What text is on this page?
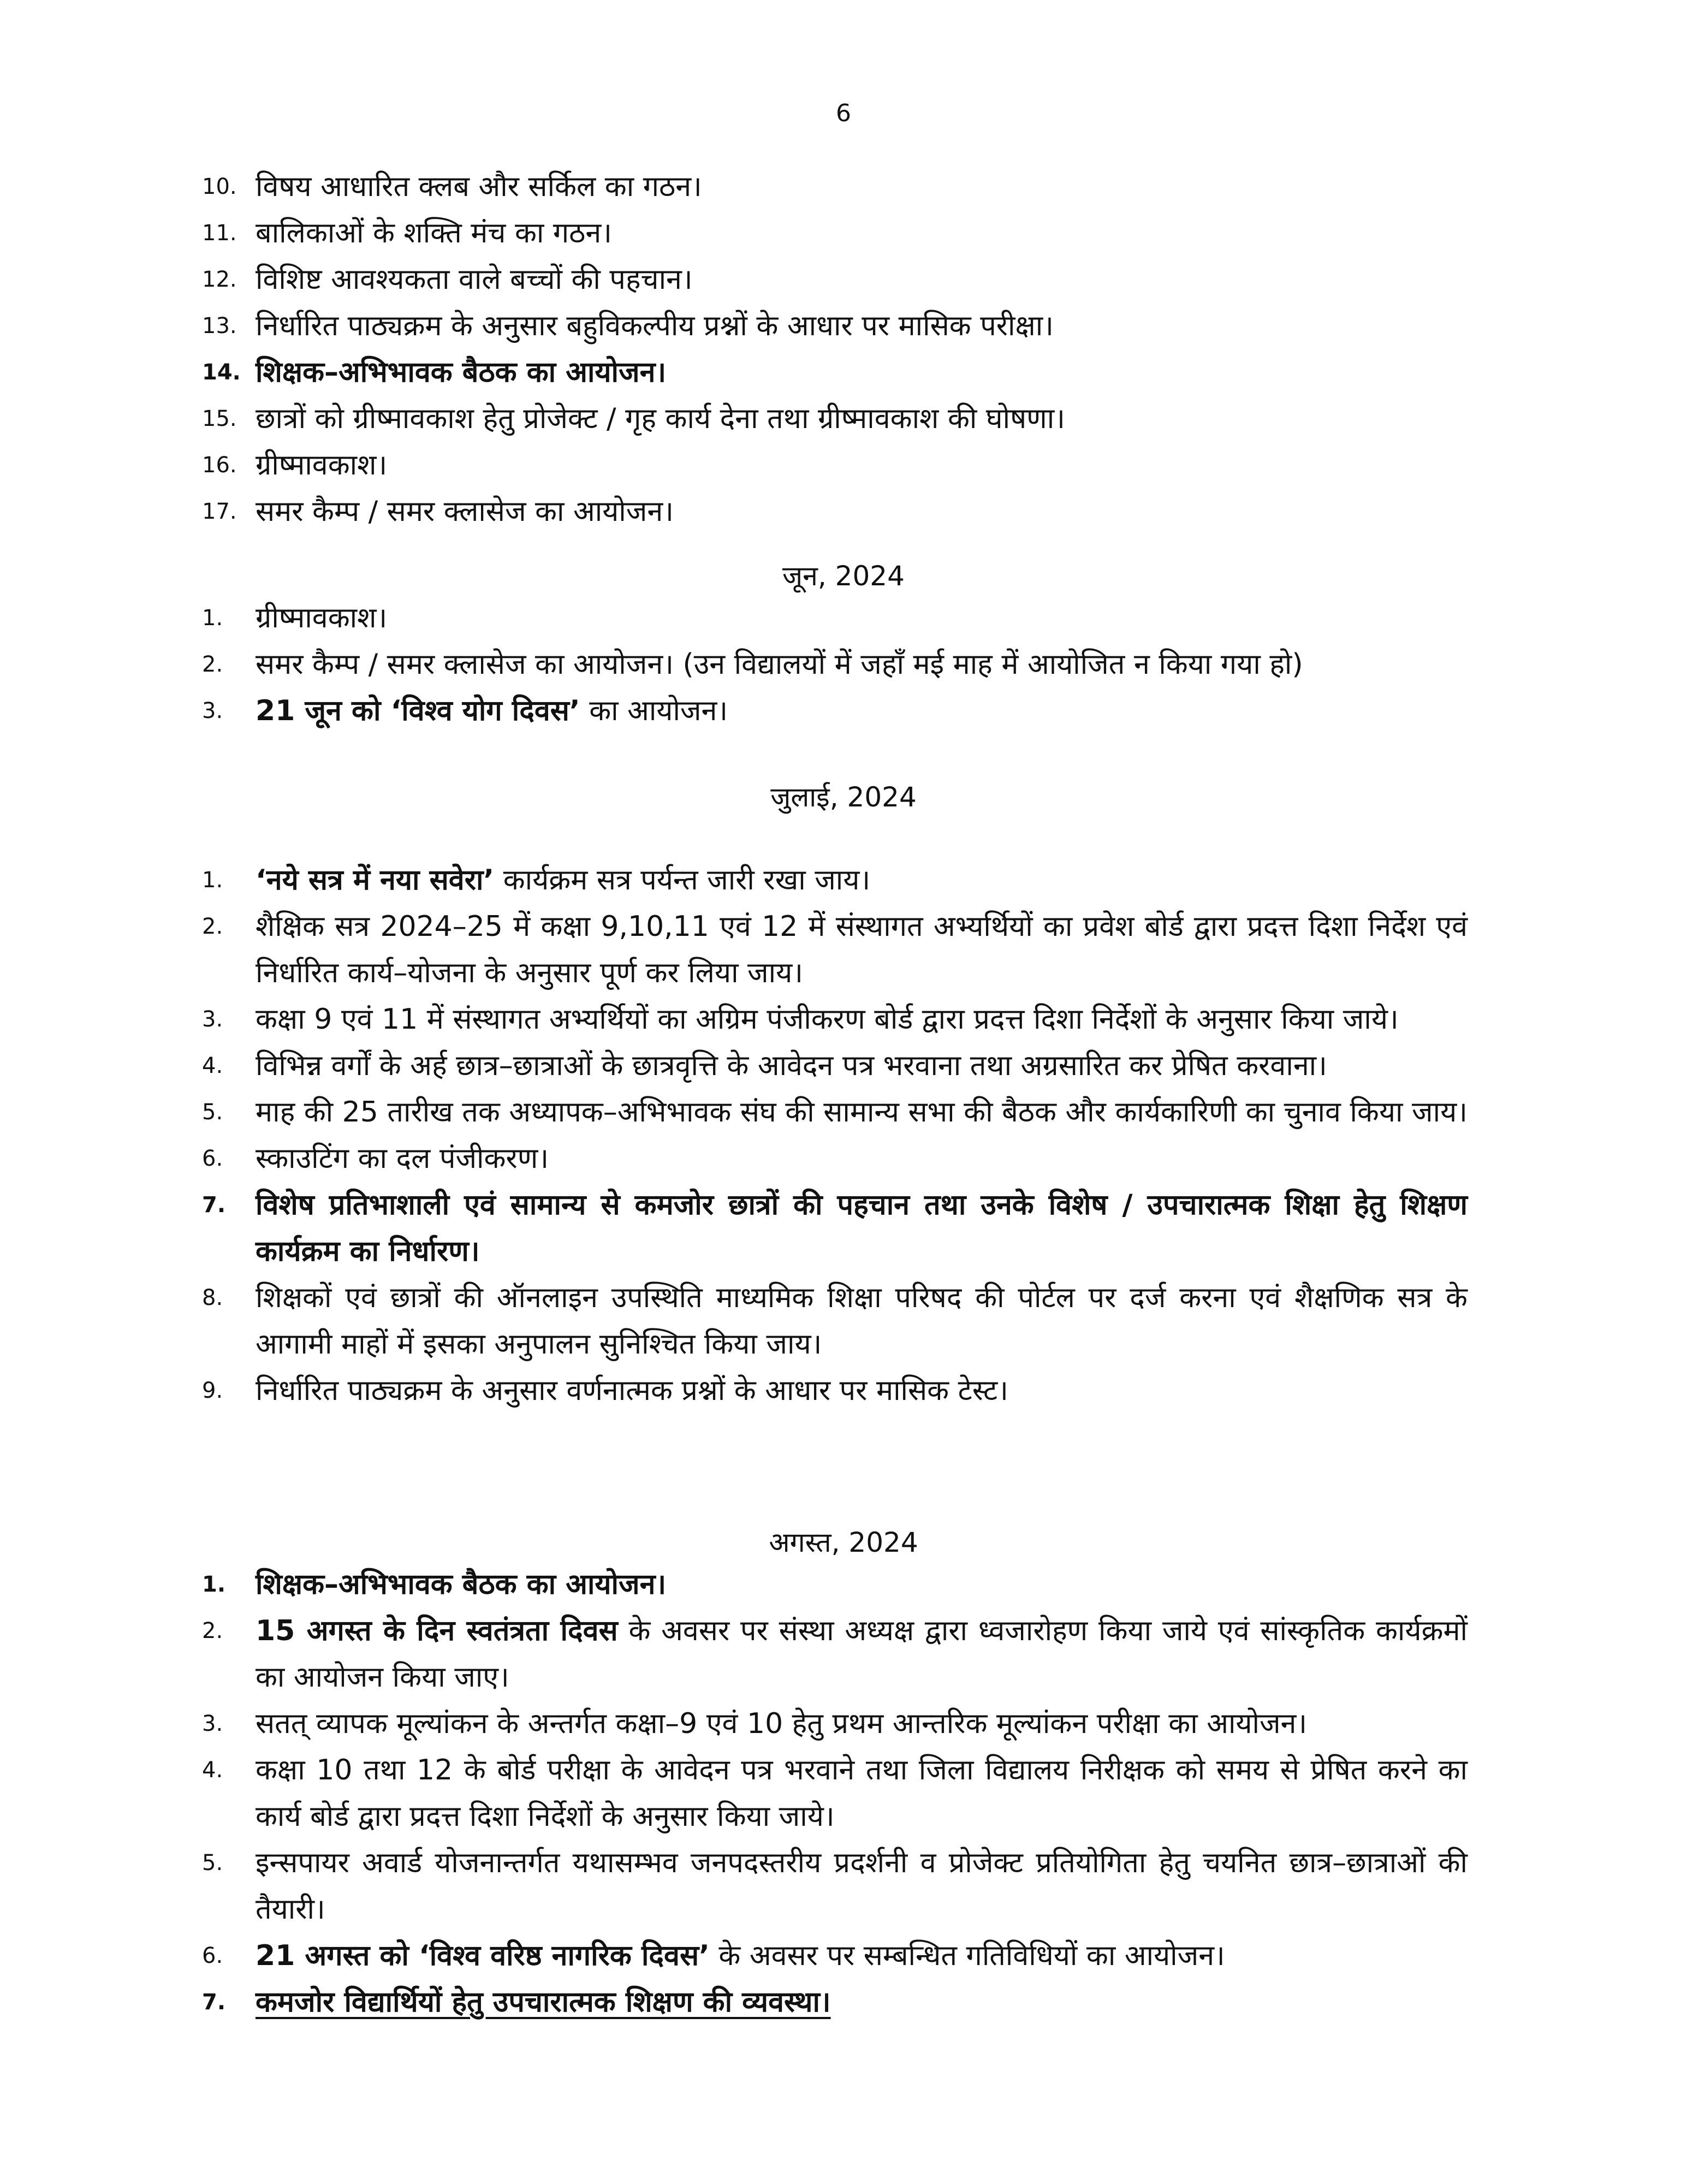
6
10. विषय आधारित क्लब और सर्किल का गठन।
11. बालिकाओं के शक्ति मंच का गठन।
12. विशिष्ट आवश्यकता वाले बच्चों की पहचान।
13. निर्धारित पाठ्यक्रम के अनुसार बहुविकल्पीय प्रश्नों के आधार पर मासिक परीक्षा।
14. शिक्षक–अभिभावक बैठक का आयोजन।
15. छात्रों को ग्रीष्मावकाश हेतु प्रोजेक्ट / गृह कार्य देना तथा ग्रीष्मावकाश की घोषणा।
16. ग्रीष्मावकाश।
17. समर कैम्प / समर क्लासेज का आयोजन।
जून, 2024
1.	ग्रीष्मावकाश।
2.	समर कैम्प / समर क्लासेज का आयोजन। (उन विद्यालयों में जहाँ मई माह में आयोजित न किया गया हो)
3.	21 जून को ‘विश्व योग दिवस’ का आयोजन।
जुलाई, 2024
1.	‘नये सत्र में नया सवेरा’ कार्यक्रम सत्र पर्यन्त जारी रखा जाय।
2.	शैक्षिक सत्र 2024–25 में कक्षा 9,10,11 एवं 12 में संस्थागत अभ्यर्थियों का प्रवेश बोर्ड द्वारा प्रदत्त दिशा निर्देश एवं निर्धारित कार्य–योजना के अनुसार पूर्ण कर लिया जाय।
3.	कक्षा 9 एवं 11 में संस्थागत अभ्यर्थियों का अग्रिम पंजीकरण बोर्ड द्वारा प्रदत्त दिशा निर्देशों के अनुसार किया जाये।
4.	विभिन्न वर्गों के अर्ह छात्र–छात्राओं के छात्रवृत्ति के आवेदन पत्र भरवाना तथा अग्रसारित कर प्रेषित करवाना।
5.	माह की 25 तारीख तक अध्यापक–अभिभावक संघ की सामान्य सभा की बैठक और कार्यकारिणी का चुनाव किया जाय।
6.	स्काउटिंग का दल पंजीकरण।
7.	विशेष प्रतिभाशाली एवं सामान्य से कमजोर छात्रों की पहचान तथा उनके विशेष / उपचारात्मक शिक्षा हेतु शिक्षण कार्यक्रम का निर्धारण।
8.	शिक्षकों एवं छात्रों की ऑनलाइन उपस्थिति माध्यमिक शिक्षा परिषद की पोर्टल पर दर्ज करना एवं शैक्षणिक सत्र के आगामी माहों में इसका अनुपालन सुनिश्चित किया जाय।
9.	निर्धारित पाठ्यक्रम के अनुसार वर्णनात्मक प्रश्नों के आधार पर मासिक टेस्ट।
अगस्त, 2024
1.	शिक्षक–अभिभावक बैठक का आयोजन।
2.	15 अगस्त के दिन स्वतंत्रता दिवस के अवसर पर संस्था अध्यक्ष द्वारा ध्वजारोहण किया जाये एवं सांस्कृतिक कार्यक्रमों का आयोजन किया जाए।
3.	सतत् व्यापक मूल्यांकन के अन्तर्गत कक्षा–9 एवं 10 हेतु प्रथम आन्तरिक मूल्यांकन परीक्षा का आयोजन।
4.	कक्षा 10 तथा 12 के बोर्ड परीक्षा के आवेदन पत्र भरवाने तथा जिला विद्यालय निरीक्षक को समय से प्रेषित करने का कार्य बोर्ड द्वारा प्रदत्त दिशा निर्देशों के अनुसार किया जाये।
5.	इन्सपायर अवार्ड योजनान्तर्गत यथासम्भव जनपदस्तरीय प्रदर्शनी व प्रोजेक्ट प्रतियोगिता हेतु चयनित छात्र–छात्राओं की तैयारी।
6.	21 अगस्त को ‘विश्व वरिष्ठ नागरिक दिवस’ के अवसर पर सम्बन्धित गतिविधियों का आयोजन।
7.	कमजोर विद्यार्थियों हेतु उपचारात्मक शिक्षण की व्यवस्था।
